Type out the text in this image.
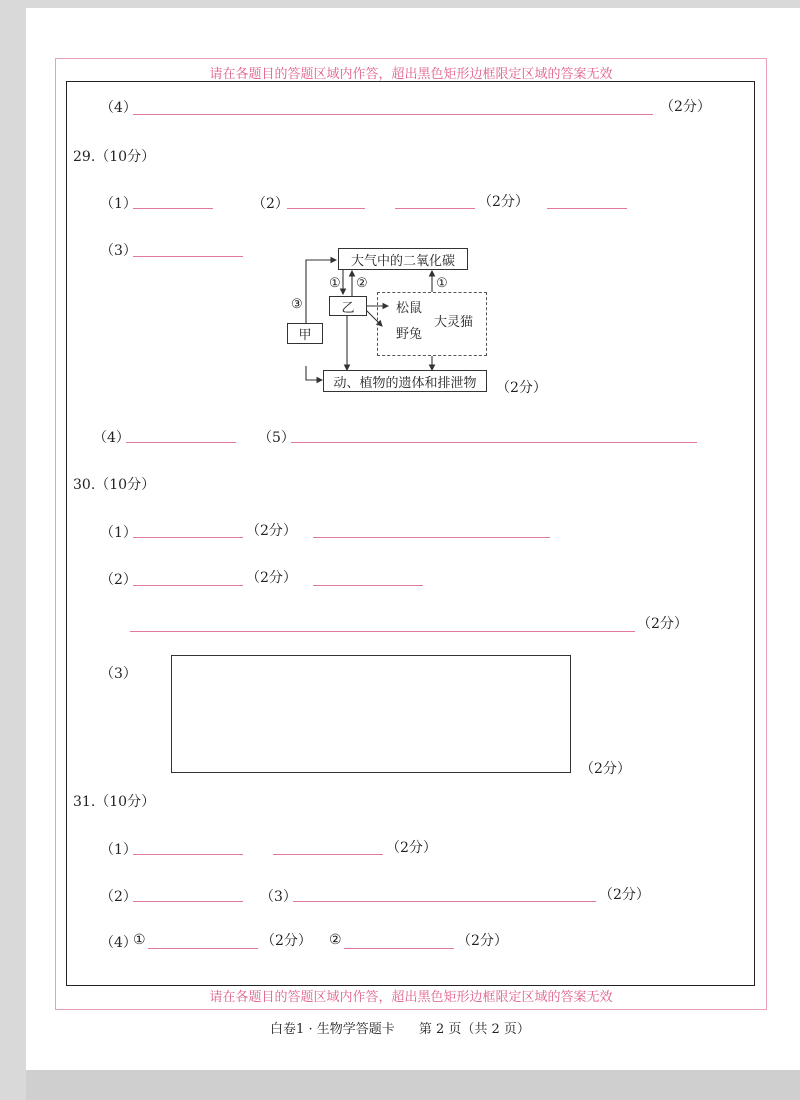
请在各题目的答题区域内作答，超出黑色矩形边框限定区域的答案无效
请在各题目的答题区域内作答，超出黑色矩形边框限定区域的答案无效
（4）	（2分）
29.（10分）
（1）	（2）	（2分）
（3）
大气中的二氧化碳
乙
甲
动、植物的遗体和排泄物
③
① ②	①
松鼠
野兔
大灵猫
（2分）
（4）	（5）
30.（10分）
（1）	（2分）
（2）	（2分）
（2分）
（3）
（2分）
31.（10分）
（1）	（2分）
（2）	（3）	（2分）
（4）
①	（2分） ②	（2分）
白卷1 · 生物学答题卡 第 2 页（共 2 页）
